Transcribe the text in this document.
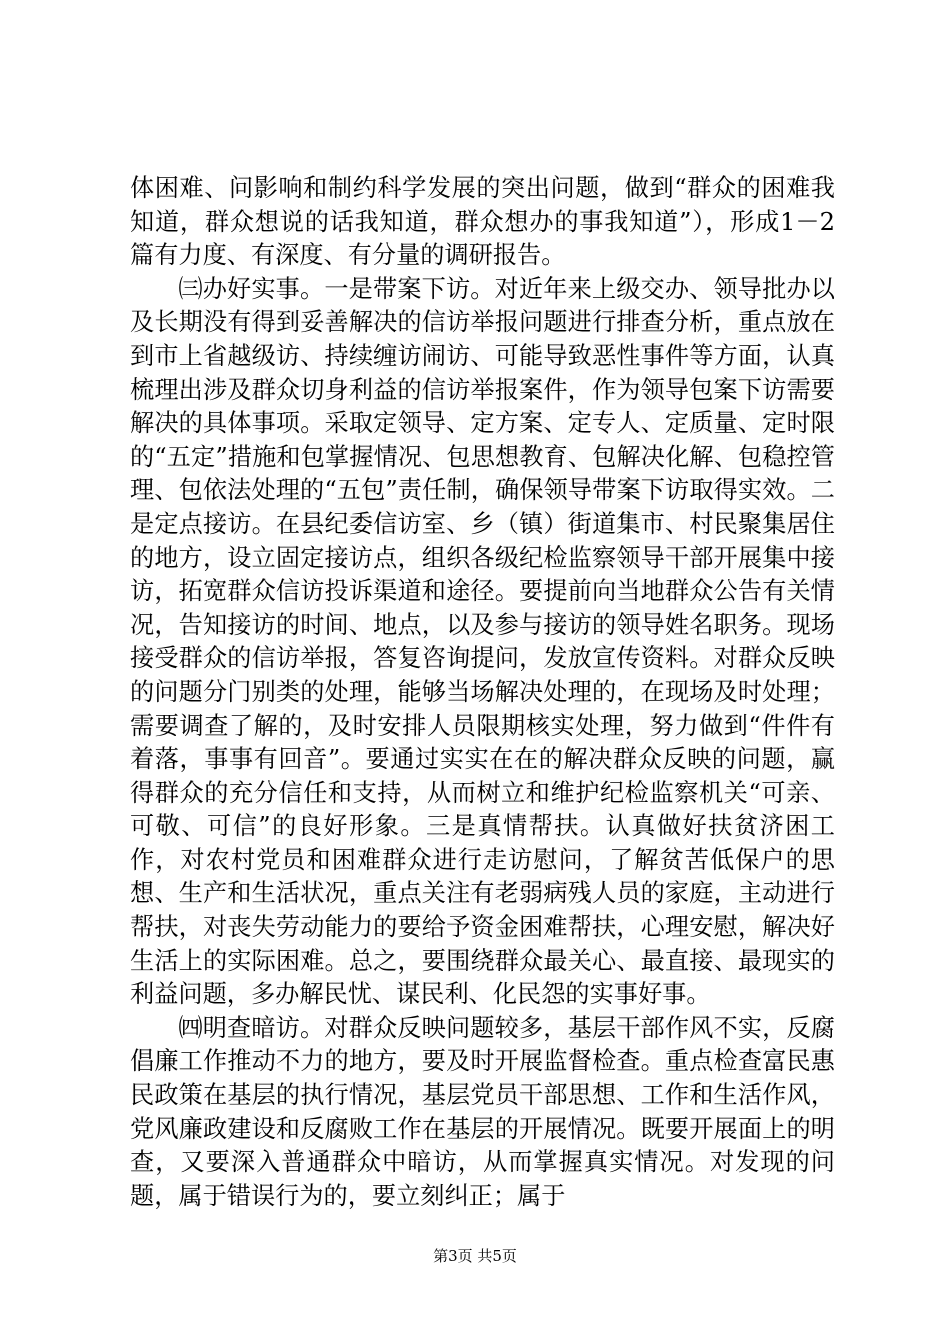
体困难、问影响和制约科学发展的突出问题，做到“群众的困难我知道，群众想说的话我知道，群众想办的事我知道”），形成1－2篇有力度、有深度、有分量的调研报告。

㈢办好实事。一是带案下访。对近年来上级交办、领导批办以及长期没有得到妥善解决的信访举报问题进行排查分析，重点放在到市上省越级访、持续缠访闹访、可能导致恶性事件等方面，认真梳理出涉及群众切身利益的信访举报案件，作为领导包案下访需要解决的具体事项。采取定领导、定方案、定专人、定质量、定时限的“五定”措施和包掌握情况、包思想教育、包解决化解、包稳控管理、包依法处理的“五包”责任制，确保领导带案下访取得实效。二是定点接访。在县纪委信访室、乡（镇）街道集市、村民聚集居住的地方，设立固定接访点，组织各级纪检监察领导干部开展集中接访，拓宽群众信访投诉渠道和途径。要提前向当地群众公告有关情况，告知接访的时间、地点，以及参与接访的领导姓名职务。现场接受群众的信访举报，答复咨询提问，发放宣传资料。对群众反映的问题分门别类的处理，能够当场解决处理的，在现场及时处理；需要调查了解的，及时安排人员限期核实处理，努力做到“件件有着落，事事有回音”。要通过实实在在的解决群众反映的问题，赢得群众的充分信任和支持，从而树立和维护纪检监察机关“可亲、可敬、可信”的良好形象。三是真情帮扶。认真做好扶贫济困工作，对农村党员和困难群众进行走访慰问，了解贫苦低保户的思想、生产和生活状况，重点关注有老弱病残人员的家庭，主动进行帮扶，对丧失劳动能力的要给予资金困难帮扶，心理安慰，解决好生活上的实际困难。总之，要围绕群众最关心、最直接、最现实的利益问题，多办解民忧、谋民利、化民怨的实事好事。

㈣明查暗访。对群众反映问题较多，基层干部作风不实，反腐倡廉工作推动不力的地方，要及时开展监督检查。重点检查富民惠民政策在基层的执行情况，基层党员干部思想、工作和生活作风，党风廉政建设和反腐败工作在基层的开展情况。既要开展面上的明查，又要深入普通群众中暗访，从而掌握真实情况。对发现的问题，属于错误行为的，要立刻纠正；属于

第3页 共5页
